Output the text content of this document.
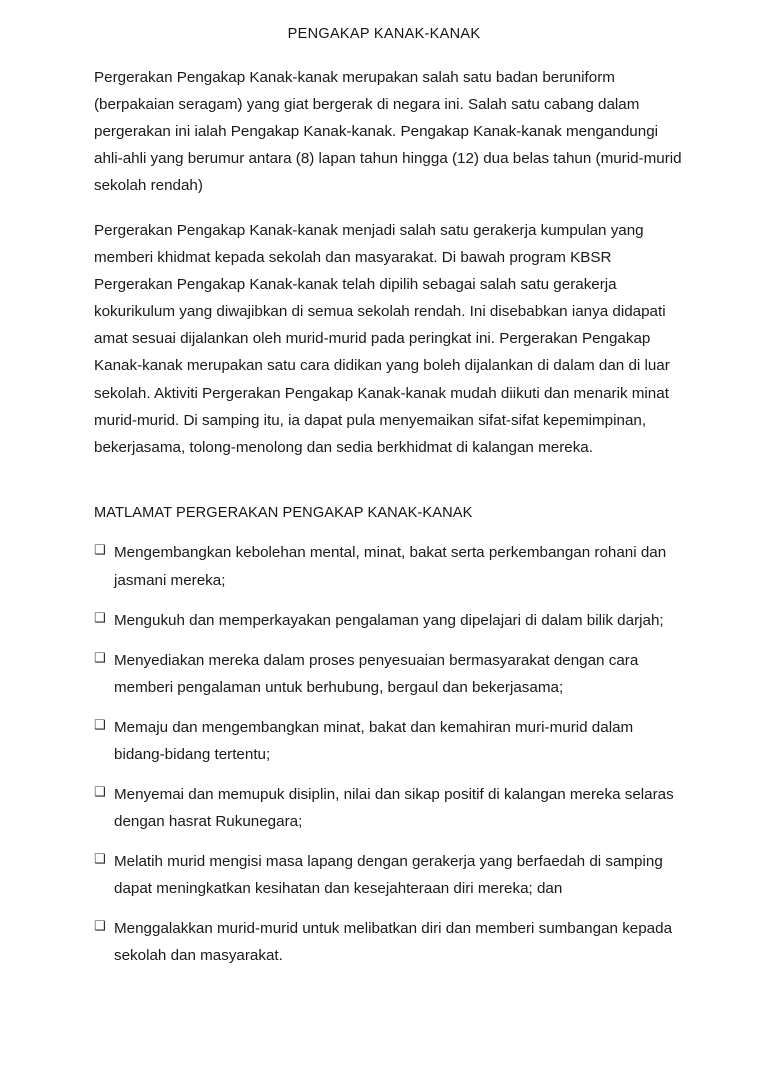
PENGAKAP KANAK-KANAK

Pergerakan Pengakap Kanak-kanak merupakan salah satu badan beruniform (berpakaian seragam) yang giat bergerak di negara ini. Salah satu cabang dalam pergerakan ini ialah Pengakap Kanak-kanak. Pengakap Kanak-kanak mengandungi ahli-ahli yang berumur antara (8) lapan tahun hingga (12) dua belas tahun (murid-murid sekolah rendah)

Pergerakan Pengakap Kanak-kanak menjadi salah satu gerakerja kumpulan yang memberi khidmat kepada sekolah dan masyarakat. Di bawah program KBSR Pergerakan Pengakap Kanak-kanak telah dipilih sebagai salah satu gerakerja kokurikulum yang diwajibkan di semua sekolah rendah. Ini disebabkan ianya didapati amat sesuai dijalankan oleh murid-murid pada peringkat ini. Pergerakan Pengakap Kanak-kanak merupakan satu cara didikan yang boleh dijalankan di dalam dan di luar sekolah. Aktiviti Pergerakan Pengakap Kanak-kanak mudah diikuti dan menarik minat murid-murid. Di samping itu, ia dapat pula menyemaikan sifat-sifat kepemimpinan, bekerjasama, tolong-menolong dan sedia berkhidmat di kalangan mereka.

MATLAMAT PERGERAKAN PENGAKAP KANAK-KANAK
❑ Mengembangkan kebolehan mental, minat, bakat serta perkembangan rohani dan jasmani mereka;
❑ Mengukuh dan memperkayakan pengalaman yang dipelajari di dalam bilik darjah;
❑ Menyediakan mereka dalam proses penyesuaian bermasyarakat dengan cara memberi pengalaman untuk berhubung, bergaul dan bekerjasama;
❑ Memaju dan mengembangkan minat, bakat dan kemahiran muri-murid dalam bidang-bidang tertentu;
❑ Menyemai dan memupuk disiplin, nilai dan sikap positif di kalangan mereka selaras dengan hasrat Rukunegara;
❑ Melatih murid mengisi masa lapang dengan gerakerja yang berfaedah di samping dapat meningkatkan kesihatan dan kesejahteraan diri mereka; dan
❑ Menggalakkan murid-murid untuk melibatkan diri dan memberi sumbangan kepada sekolah dan masyarakat.
